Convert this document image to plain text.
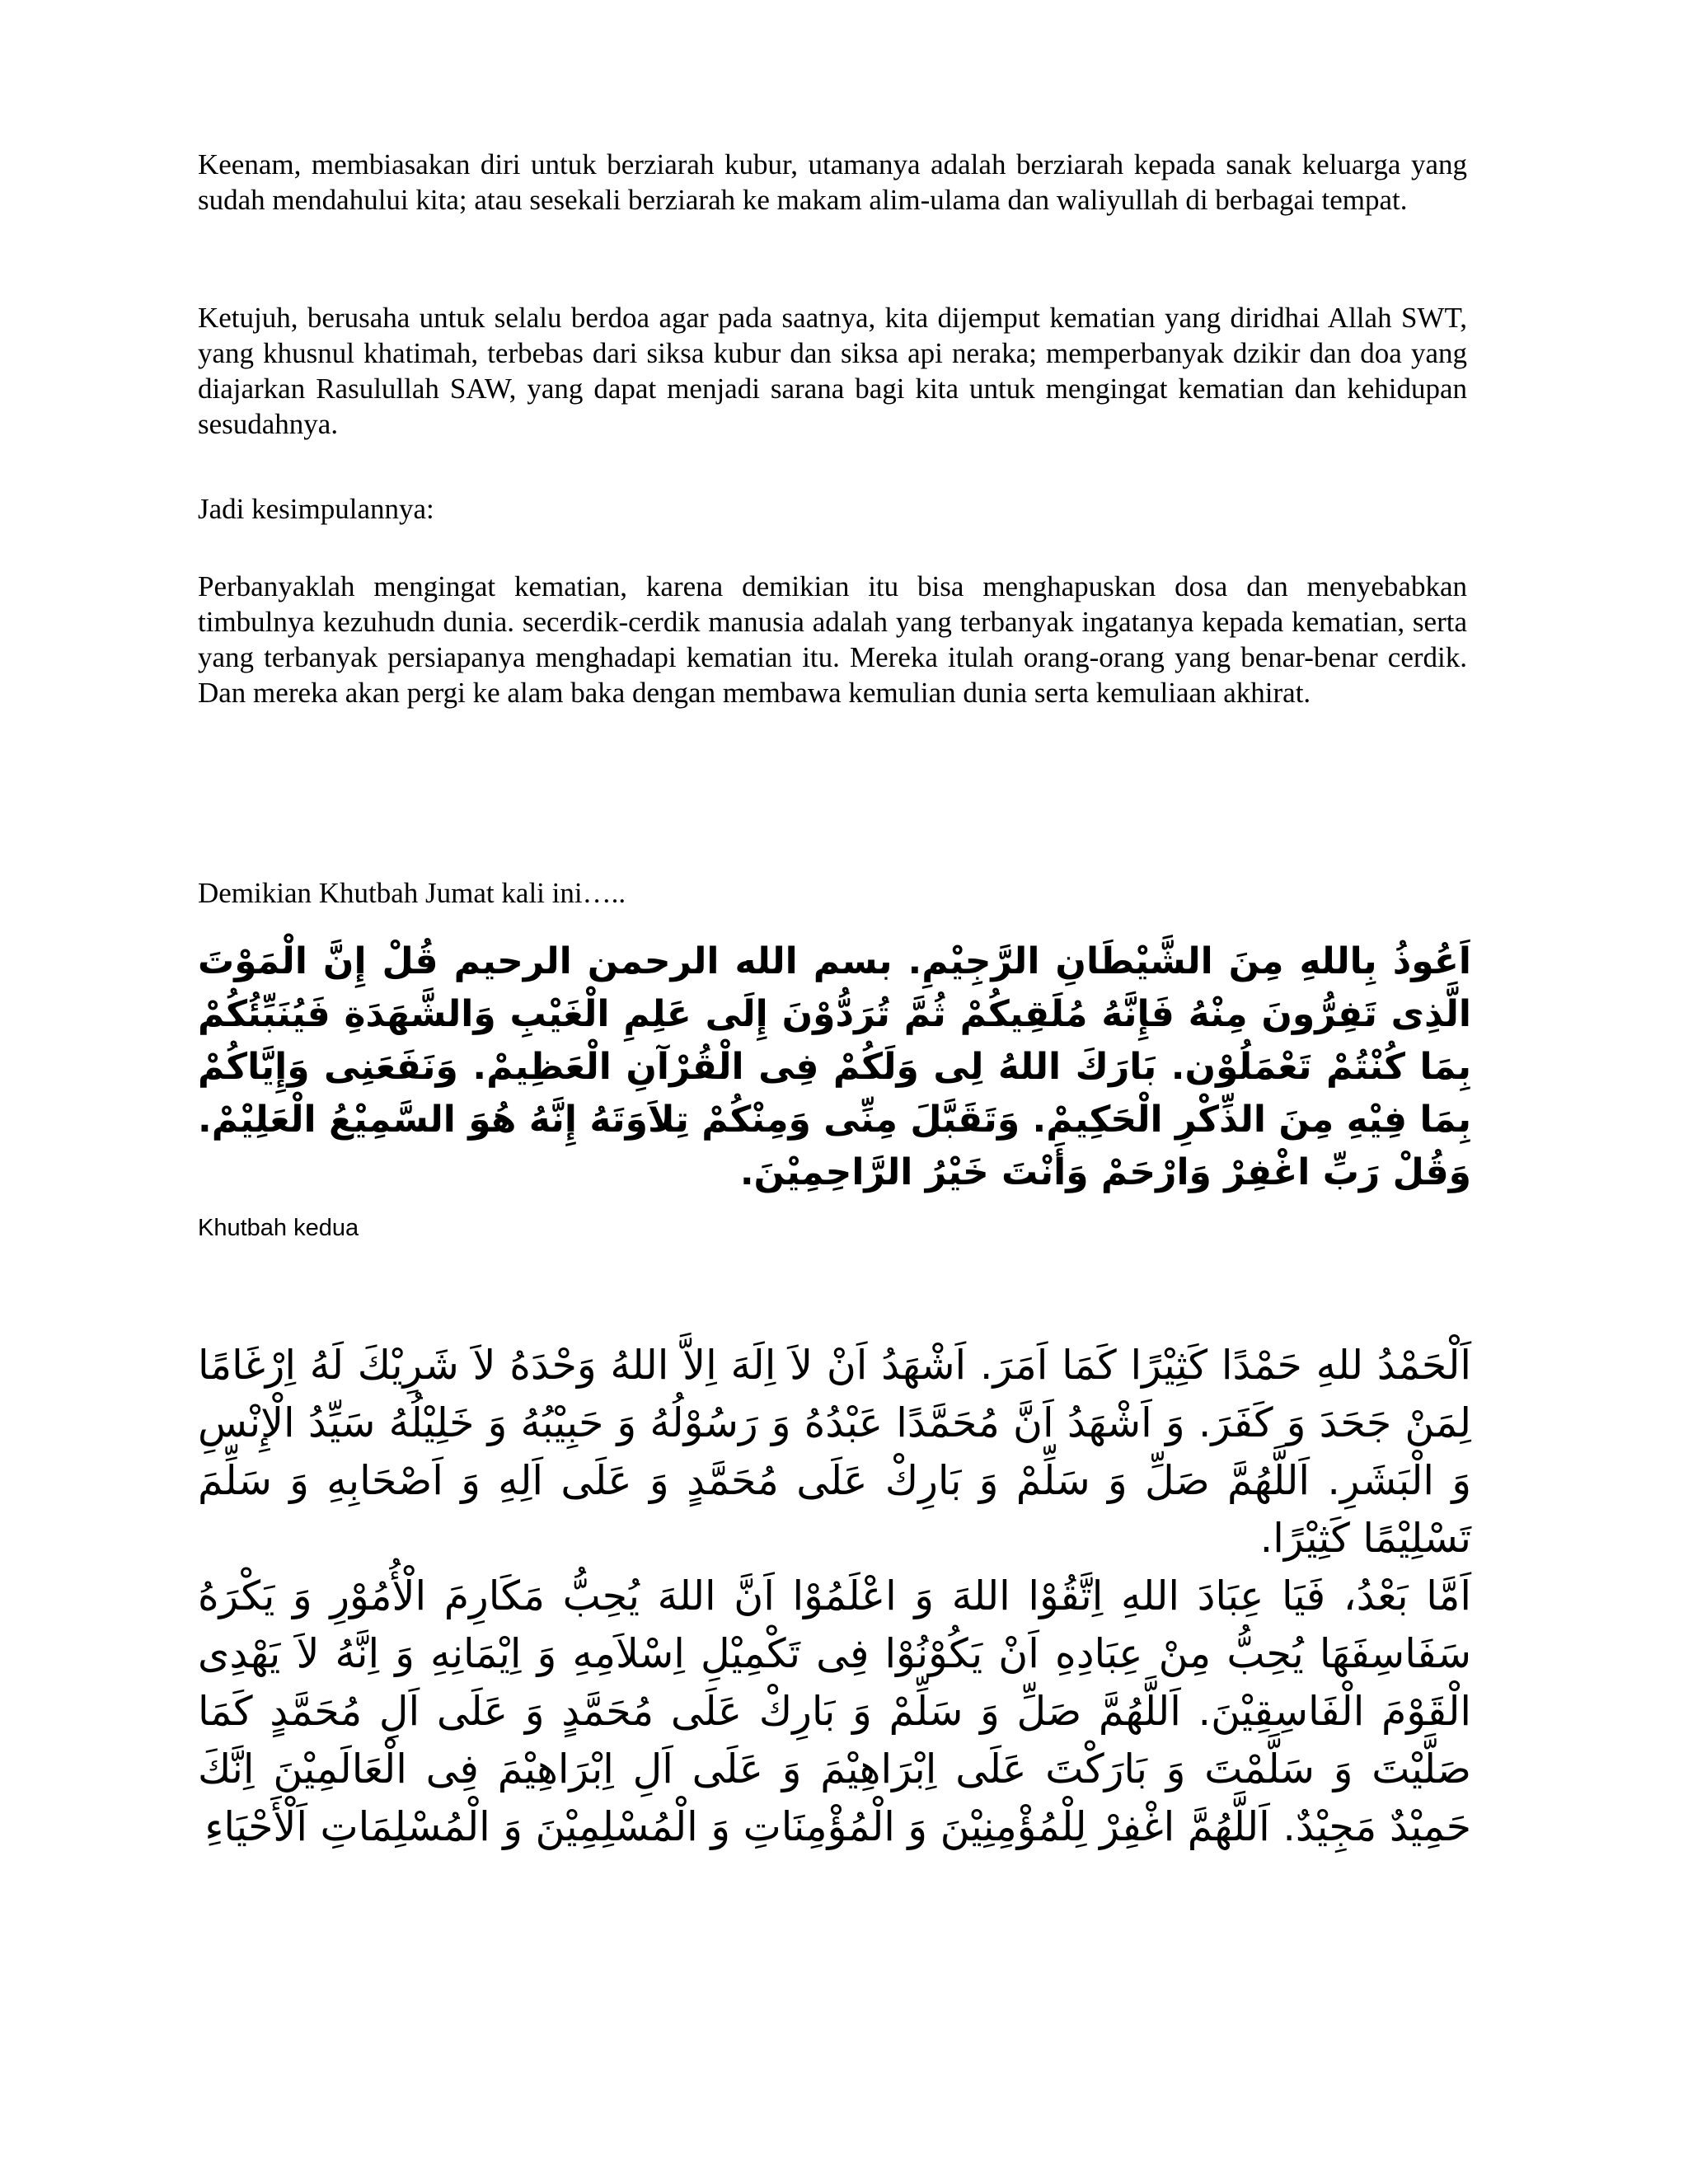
Keenam, membiasakan diri untuk berziarah kubur, utamanya adalah berziarah kepada sanak keluarga yang sudah mendahului kita; atau sesekali berziarah ke makam alim-ulama dan waliyullah di berbagai tempat.

Ketujuh, berusaha untuk selalu berdoa agar pada saatnya, kita dijemput kematian yang diridhai Allah SWT, yang khusnul khatimah, terbebas dari siksa kubur dan siksa api neraka; memperbanyak dzikir dan doa yang diajarkan Rasulullah SAW, yang dapat menjadi sarana bagi kita untuk mengingat kematian dan kehidupan sesudahnya.

Jadi kesimpulannya:

Perbanyaklah mengingat kematian, karena demikian itu bisa menghapuskan dosa dan menyebabkan timbulnya kezuhudn dunia. secerdik-cerdik manusia adalah yang terbanyak ingatanya kepada kematian, serta yang terbanyak persiapanya menghadapi kematian itu. Mereka itulah orang-orang yang benar-benar cerdik. Dan mereka akan pergi ke alam baka dengan membawa kemulian dunia serta kemuliaan akhirat.

Demikian Khutbah Jumat kali ini…..

اَعُوذُ بِاللهِ مِنَ الشَّيْطَانِ الرَّجِيْمِ. بسم الله الرحمن الرحيم قُلْ إِنَّ الْمَوْتَ الَّذِى تَفِرُّونَ مِنْهُ فَإِنَّهُ مُلَقِيكُمْ ثُمَّ تُرَدُّوْنَ إِلَى عَلِمِ الْغَيْبِ وَالشَّهَدَةِ فَيُنَبِّئُكُمْ بِمَا كُنْتُمْ تَعْمَلُوْن. بَارَكَ اللهُ لِى وَلَكُمْ فِى الْقُرْآنِ الْعَظِيمْ. وَنَفَعَنِى وَإِيَّاكُمْ بِمَا فِيْهِ مِنَ الذِّكْرِ الْحَكِيمْ. وَتَقَبَّلَ مِنِّى وَمِنْكُمْ تِلاَوَتَهُ إِنَّهُ هُوَ السَّمِيْعُ الْعَلِيْمْ. وَقُلْ رَبِّ اغْفِرْ وَارْحَمْ وَأَنْتَ خَيْرُ الرَّاحِمِيْنَ.

Khutbah kedua

اَلْحَمْدُ للهِ حَمْدًا كَثِيْرًا كَمَا اَمَرَ. اَشْهَدُ اَنْ لاَ اِلَهَ اِلاَّ اللهُ وَحْدَهُ لاَ شَرِيْكَ لَهُ اِرْغَامًا لِمَنْ جَحَدَ وَ كَفَرَ. وَ اَشْهَدُ اَنَّ مُحَمَّدًا عَبْدُهُ وَ رَسُوْلُهُ وَ حَبِيْبُهُ وَ خَلِيْلُهُ سَيِّدُ الْإِنْسِ وَ الْبَشَرِ. اَللَّهُمَّ صَلِّ وَ سَلِّمْ وَ بَارِكْ عَلَى مُحَمَّدٍ وَ عَلَى اَلِهِ وَ اَصْحَابِهِ وَ سَلِّمَ تَسْلِيْمًا كَثِيْرًا.

اَمَّا بَعْدُ، فَيَا عِبَادَ اللهِ اِتَّقُوْا اللهَ وَ اعْلَمُوْا اَنَّ اللهَ يُحِبُّ مَكَارِمَ الْأُمُوْرِ وَ يَكْرَهُ سَفَاسِفَهَا يُحِبُّ مِنْ عِبَادِهِ اَنْ يَكُوْنُوْا فِى تَكْمِيْلِ اِسْلاَمِهِ وَ اِيْمَانِهِ وَ اِنَّهُ لاَ يَهْدِى الْقَوْمَ الْفَاسِقِيْنَ. اَللَّهُمَّ صَلِّ وَ سَلِّمْ وَ بَارِكْ عَلَى مُحَمَّدٍ وَ عَلَى اَلِ مُحَمَّدٍ كَمَا صَلَّيْتَ وَ سَلَّمْتَ وَ بَارَكْتَ عَلَى اِبْرَاهِيْمَ وَ عَلَى اَلِ اِبْرَاهِيْمَ فِى الْعَالَمِيْنَ اِنَّكَ حَمِيْدٌ مَجِيْدٌ. اَللَّهُمَّ اغْفِرْ لِلْمُؤْمِنِيْنَ وَ الْمُؤْمِنَاتِ وَ الْمُسْلِمِيْنَ وَ الْمُسْلِمَاتِ اَلْأَحْيَاءِ
